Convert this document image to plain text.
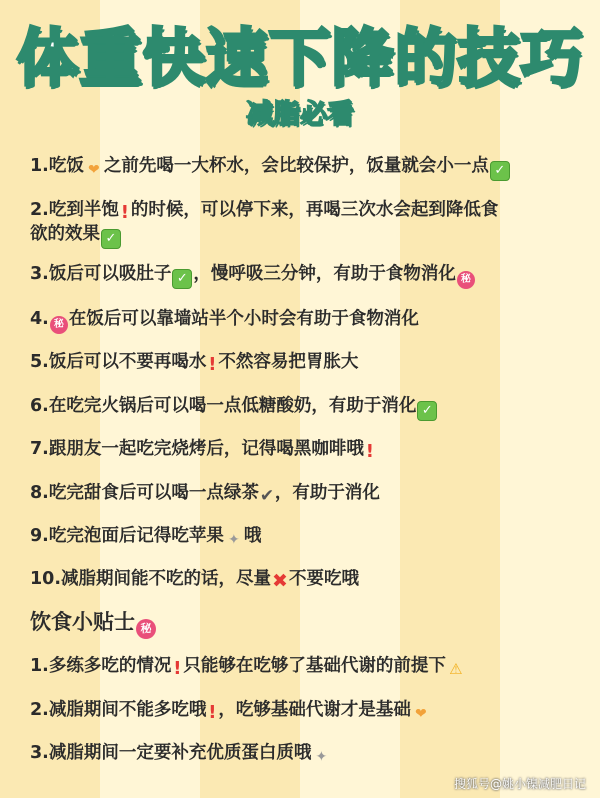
体重快速下降的技巧
减脂必看
1.吃饭 ❤ 之前先喝一大杯水，会比较保护，饭量就会小一点 ✓
2.吃到半饱 ! 的时候，可以停下来，再喝三次水会起到降低食
欲的效果 ✓
3.饭后可以吸肚子 ✓ ，慢呼吸三分钟，有助于食物消化 秘
4. 秘 在饭后可以靠墙站半个小时会有助于食物消化
5.饭后可以不要再喝水 ! 不然容易把胃胀大
6.在吃完火锅后可以喝一点低糖酸奶，有助于消化 ✓
7.跟朋友一起吃完烧烤后，记得喝黑咖啡哦 !
8.吃完甜食后可以喝一点绿茶✔，有助于消化
9.吃完泡面后记得吃苹果 ✦ 哦
10.减脂期间能不吃的话，尽量✖不要吃哦
饮食小贴士 秘
1.多练多吃的情况 ! 只能够在吃够了基础代谢的前提下 ⚠
2.减脂期间不能多吃哦 ! ，吃够基础代谢才是基础 ❤
3.减脂期间一定要补充优质蛋白质哦 ✦
搜狐号@姚小镍减肥日记
